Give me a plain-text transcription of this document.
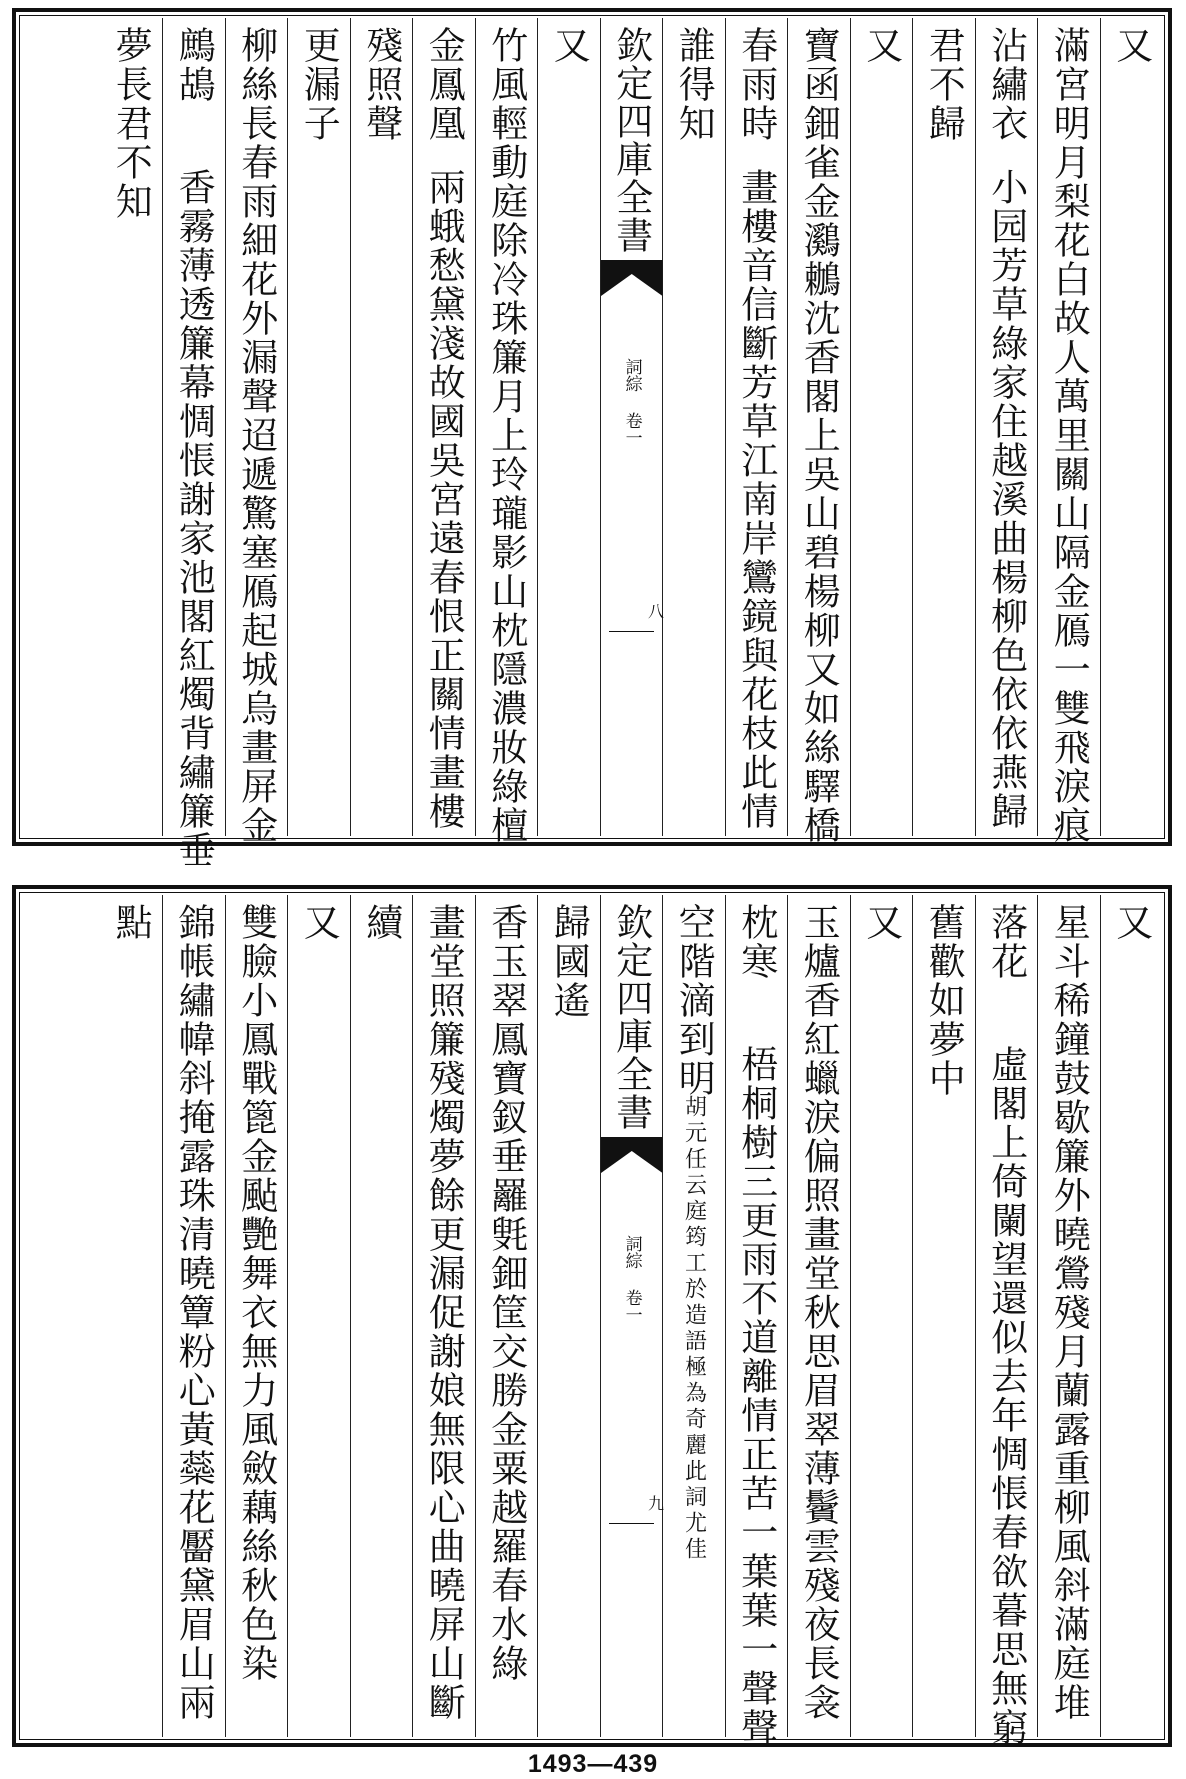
又
滿宮明月梨花白故人萬里關山隔金鴈一雙飛淚痕
沾繡衣
小园芳草綠家住越溪曲楊柳色依依燕歸
君不歸
又
寶函鈿雀金鸂鶒沈香閣上吳山碧楊柳又如絲驛橋
春雨時
畫樓音信斷芳草江南岸鸞鏡與花枝此情
誰得知
欽定四庫全書
詞綜 卷一
八
又
竹風輕動庭除冷珠簾月上玲瓏影山枕隱濃妝綠檀
金鳳凰
兩蛾愁黛淺故國吳宮遠春恨正關情畫樓
殘照聲
更漏子
柳絲長春雨細花外漏聲迢遞驚塞鴈起城烏畫屏金
鷓鴣
香霧薄透簾幕惆悵謝家池閣紅燭背繡簾垂
夢長君不知
又
星斗稀鐘鼓歇簾外曉鶯殘月蘭露重柳風斜滿庭堆
落花
虛閣上倚闌望還似去年惆悵春欲暮思無窮
舊歡如夢中
又
玉爐香紅蠟淚偏照畫堂秋思眉翠薄鬢雲殘夜長衾
枕寒
梧桐樹三更雨不道離情正苦一葉葉一聲聲
空階滴到明
胡元任云庭筠工於造語極為奇麗此詞尤佳
欽定四庫全書
詞綜 卷一
九
歸國遙
香玉翠鳳寶釵垂䍦㲣鈿筐交勝金粟越羅春水綠
畫堂照簾殘燭夢餘更漏促謝娘無限心曲曉屏山斷
續
又
雙臉小鳳戰篦金颭艷舞衣無力風斂藕絲秋色染
錦帳繡幃斜掩露珠清曉簟粉心黃蘂花靨黛眉山兩
點
1493—439
